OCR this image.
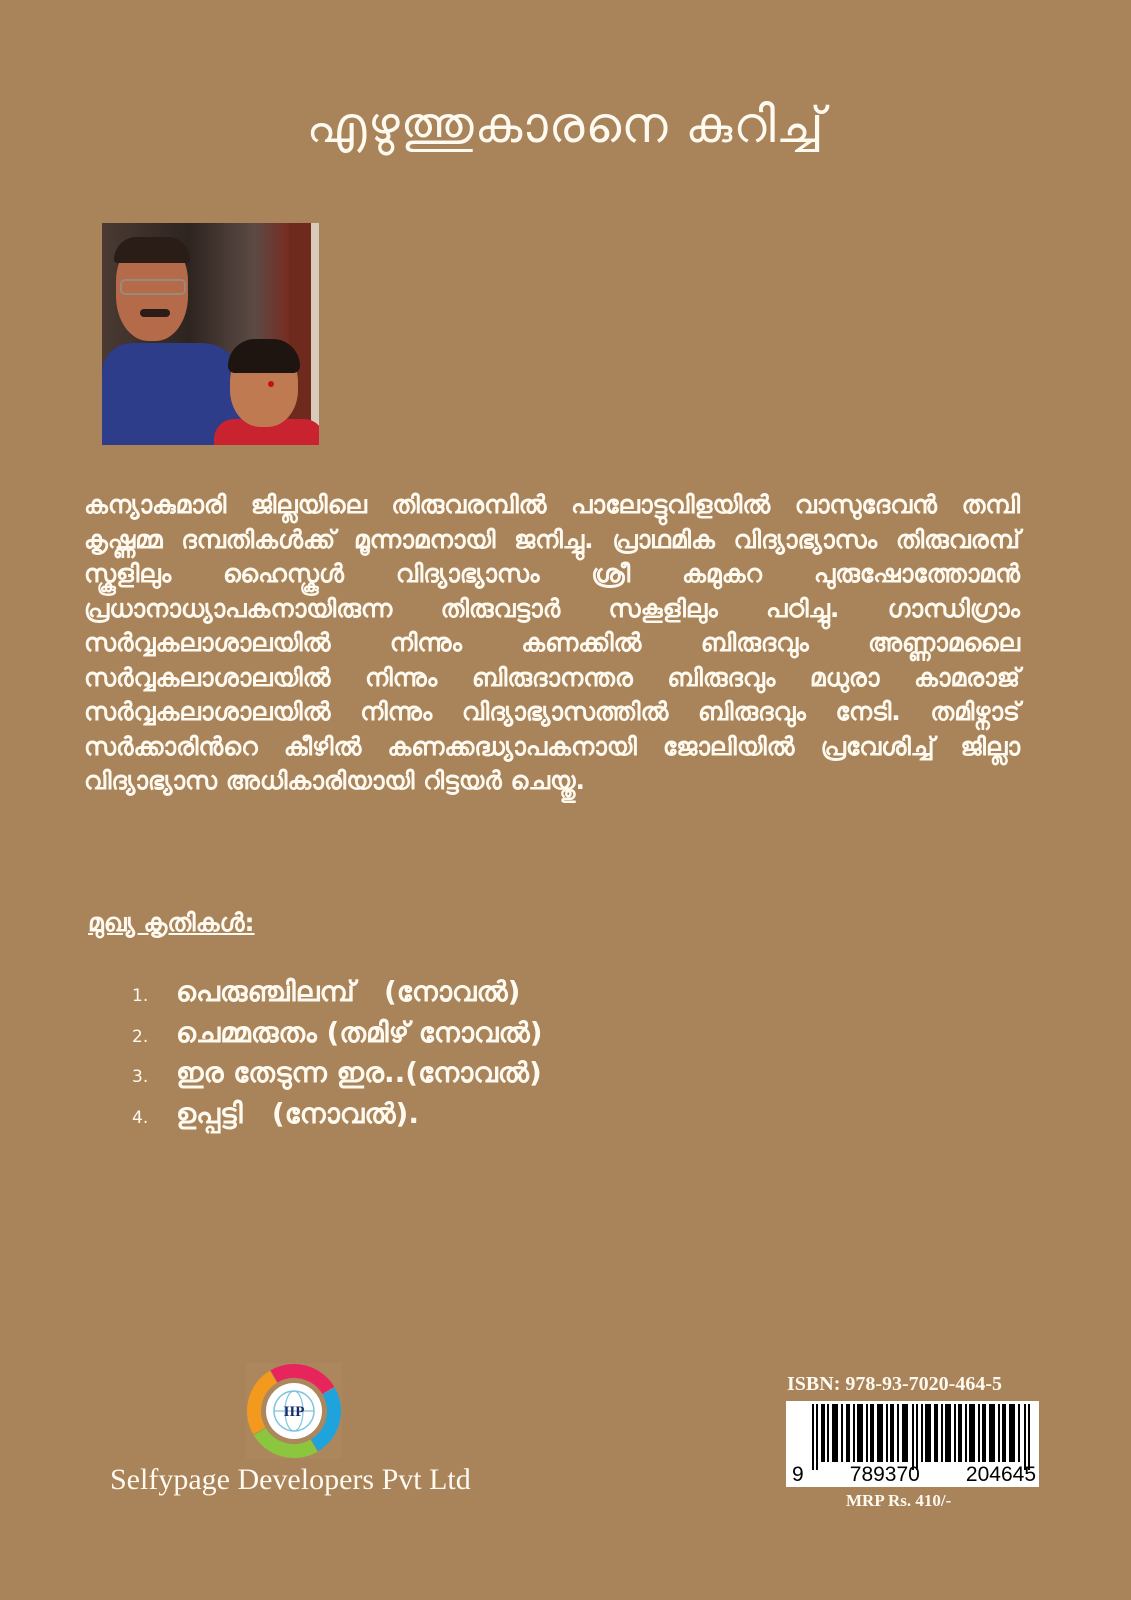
എഴുത്തുകാരനെ കുറിച്ച്
കന്യാകുമാരി ജില്ലയിലെ തിരുവരമ്പിൽ പാലോട്ടുവിളയിൽ വാസുദേവൻ തമ്പി കൃഷ്ണമ്മ ദമ്പതികൾക്ക് മൂന്നാമനായി ജനിച്ചു. പ്രാഥമിക വിദ്യാഭ്യാസം തിരുവരമ്പ് സ്കൂളിലും ഹൈസ്കൂൾ വിദ്യാഭ്യാസം ശ്രീ കമുകറ പുരുഷോത്തോമൻ പ്രധാനാധ്യാപകനായിരുന്ന തിരുവട്ടാർ സകൂളിലും പഠിച്ചു. ഗാന്ധിഗ്രാം സർവ്വകലാശാലയിൽ നിന്നും കണക്കിൽ ബിരുദവും അണ്ണാമലൈ സർവ്വകലാശാലയിൽ നിന്നും ബിരുദാനന്തര ബിരുദവും മധുരാ കാമരാജ് സർവ്വകലാശാലയിൽ നിന്നും വിദ്യാഭ്യാസത്തിൽ ബിരുദവും നേടി. തമിഴ്നാട് സർക്കാരിൻറെ കീഴിൽ കണക്കദ്ധ്യാപകനായി ജോലിയിൽ പ്രവേശിച്ച് ജില്ലാ വിദ്യാഭ്യാസ അധികാരിയായി റിട്ടയർ ചെയ്തു.
മുഖ്യ കൃതികൾ:
1. പെരുഞ്ചിലമ്പ്   (നോവൽ)
2. ചെമ്മരുതം (തമിഴ് നോവൽ)
3. ഇര തേടുന്ന ഇര..(നോവൽ)
4. ഉപ്പട്ടി   (നോവൽ).
IIP
Selfypage Developers Pvt Ltd
ISBN: 978-93-7020-464-5
9 789370 204645
MRP Rs. 410/-
